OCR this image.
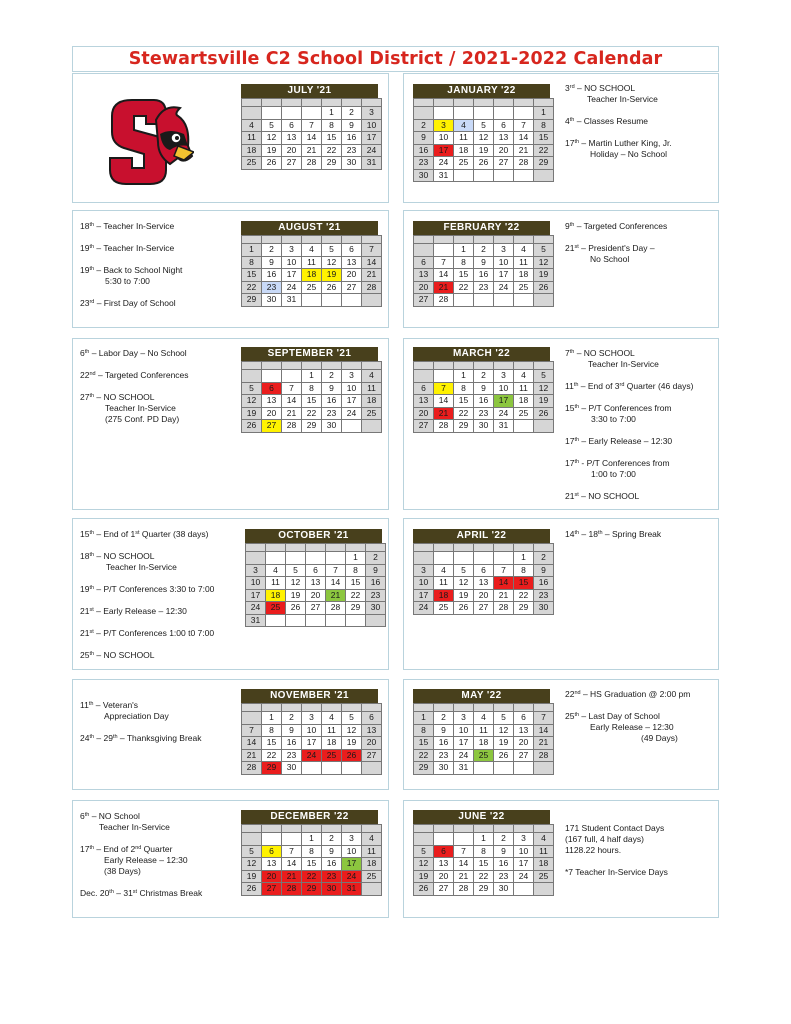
Stewartsville C2 School District / 2021-2022 Calendar
JULY '21

				1	2	3
4	5	6	7	8	9	10
11	12	13	14	15	16	17
18	19	20	21	22	23	24
25	26	27	28	29	30	31
JANUARY '22

						1
2	3	4	5	6	7	8
9	10	11	12	13	14	15
16	17	18	19	20	21	22
23	24	25	26	27	28	29
30	31					
AUGUST '21

1	2	3	4	5	6	7
8	9	10	11	12	13	14
15	16	17	18	19	20	21
22	23	24	25	26	27	28
29	30	31				
FEBRUARY '22

		1	2	3	4	5
6	7	8	9	10	11	12
13	14	15	16	17	18	19
20	21	22	23	24	25	26
27	28					
SEPTEMBER '21

			1	2	3	4
5	6	7	8	9	10	11
12	13	14	15	16	17	18
19	20	21	22	23	24	25
26	27	28	29	30		
MARCH '22

		1	2	3	4	5
6	7	8	9	10	11	12
13	14	15	16	17	18	19
20	21	22	23	24	25	26
27	28	29	30	31		
OCTOBER '21

					1	2
3	4	5	6	7	8	9
10	11	12	13	14	15	16
17	18	19	20	21	22	23
24	25	26	27	28	29	30
31						
APRIL '22

					1	2
3	4	5	6	7	8	9
10	11	12	13	14	15	16
17	18	19	20	21	22	23
24	25	26	27	28	29	30
NOVEMBER '21

	1	2	3	4	5	6
7	8	9	10	11	12	13
14	15	16	17	18	19	20
21	22	23	24	25	26	27
28	29	30				
MAY '22

1	2	3	4	5	6	7
8	9	10	11	12	13	14
15	16	17	18	19	20	21
22	23	24	25	26	27	28
29	30	31				
DECEMBER '22

			1	2	3	4
5	6	7	8	9	10	11
12	13	14	15	16	17	18
19	20	21	22	23	24	25
26	27	28	29	30	31	
JUNE '22

			1	2	3	4
5	6	7	8	9	10	11
12	13	14	15	16	17	18
19	20	21	22	23	24	25
26	27	28	29	30		
3rd – NO SCHOOL
Teacher In-Service
4th – Classes Resume
17th – Martin Luther King, Jr.
Holiday – No School
18th – Teacher In-Service
19th – Teacher In-Service
19th – Back to School Night
5:30 to 7:00
23rd – First Day of School
9th – Targeted Conferences
21st – President's Day –
No School
6th – Labor Day – No School
22nd – Targeted Conferences
27th – NO SCHOOL
Teacher In-Service
(275 Conf. PD Day)
7th – NO SCHOOL
Teacher In-Service
11th – End of 3rd Quarter (46 days)
15th – P/T Conferences from
3:30 to 7:00
17th – Early Release – 12:30
17th - P/T Conferences from
1:00 to 7:00
21st – NO SCHOOL
15th – End of 1st Quarter (38 days)
18th – NO SCHOOL
Teacher In-Service
19th – P/T Conferences 3:30 to 7:00
21st – Early Release – 12:30
21st – P/T Conferences 1:00 t0 7:00
25th – NO SCHOOL
14th – 18th – Spring Break
11th – Veteran's
Appreciation Day
24th – 29th – Thanksgiving Break
22nd – HS Graduation @ 2:00 pm
25th – Last Day of School
Early Release – 12:30
(49 Days)
6th – NO School
Teacher In-Service
17th – End of 2nd Quarter
Early Release – 12:30
(38 Days)
Dec. 20th – 31st Christmas Break
171 Student Contact Days
(167 full, 4 half days)
1128.22 hours.
*7 Teacher In-Service Days
